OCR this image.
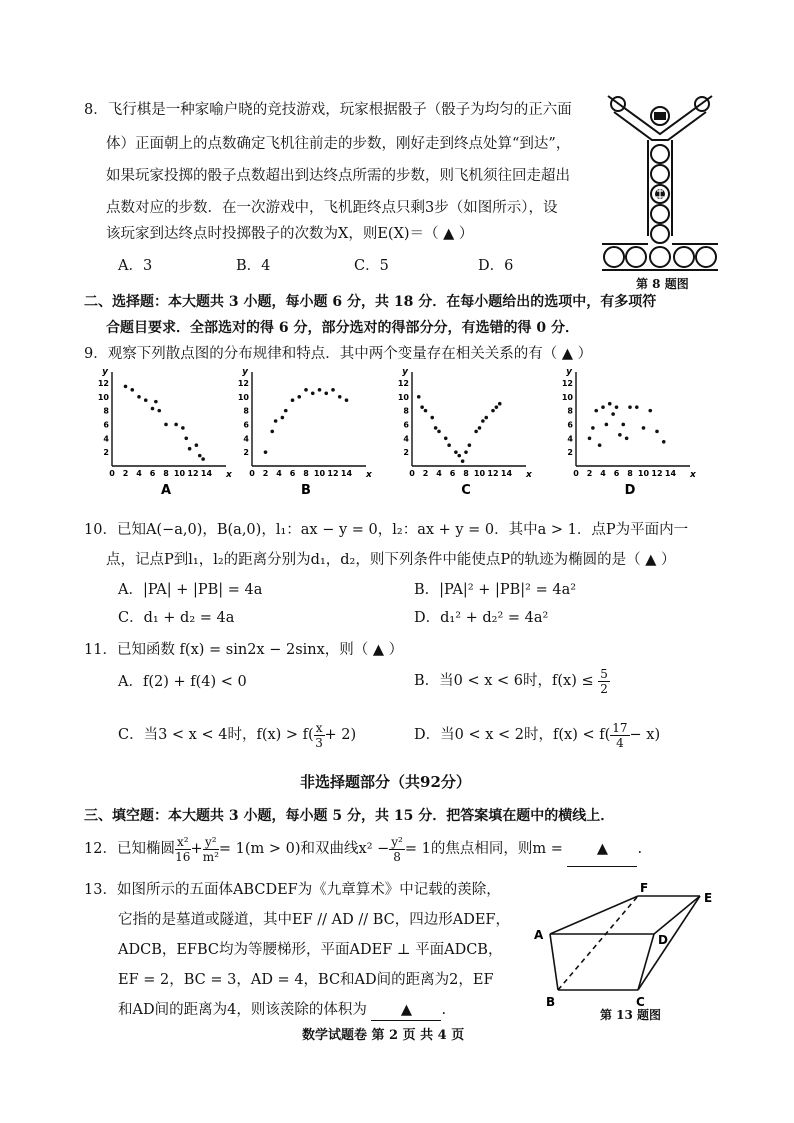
8．飞行棋是一种家喻户晓的竞技游戏，玩家根据骰子（骰子为均匀的正六面
体）正面朝上的点数确定飞机往前走的步数，刚好走到终点处算“到达”，
如果玩家投掷的骰子点数超出到达终点所需的步数，则飞机须往回走超出
点数对应的步数．在一次游戏中，飞机距终点只剩3步（如图所示），设
该玩家到达终点时投掷骰子的次数为X，则E(X)＝（ ▲ ）
A．3	B．4	C．5	D．6
第 8 题图
二、选择题：本大题共 3 小题，每小题 6 分，共 18 分．在每小题给出的选项中，有多项符
合题目要求．全部选对的得 6 分，部分选对的得部分分，有选错的得 0 分．
9．观察下列散点图的分布规律和特点．其中两个变量存在相关关系的有（ ▲ ）
x
y
0 2 4 6 8 10 12 14
2
4
6
8
10
12
A
x
y
0 2 4 6 8 10 12 14
2
4
6
8
10
12
B
x
y
0 2 4 6 8 10 12 14
2
4
6
8
10
12
C
x
y
0 2 4 6 8 10 12 14
2
4
6
8
10
12
D
10．已知A(−a,0)，B(a,0)，l₁：ax − y = 0，l₂：ax + y = 0．其中a > 1．点P为平面内一
点，记点P到l₁，l₂的距离分别为d₁，d₂，则下列条件中能使点P的轨迹为椭圆的是（ ▲ ）
A．|PA| + |PB| = 4a	B．|PA|² + |PB|² = 4a²
C．d₁ + d₂ = 4a	D．d₁² + d₂² = 4a²
11．已知函数 f(x) = sin2x − 2sinx，则（ ▲ ）
A．f(2) + f(4) < 0	B．当0 < x < 6时，$f(x) \le \frac{5}{2}$
C．当3 < x < 4时，$f(x) > f( \frac{x}{3} + 2)$	D．当0 < x < 2时，$f(x) < f( \frac{17}{4} - x)$
非选择题部分（共92分）
三、填空题：本大题共 3 小题，每小题 5 分，共 15 分．把答案填在题中的横线上．
12．已知椭圆 $\frac{\text{x²}}{16} + \frac{\text{y²}}{\text{m²}} = 1(m > 0)$和双曲线$x^2 - \frac{\text{y²}}{8} = 1$的焦点相同，则m = ▲ .
13．如图所示的五面体ABCDEF为《九章算术》中记载的羡除，
它指的是墓道或隧道，其中EF // AD // BC，四边形ADEF，
ADCB，EFBC均为等腰梯形，平面ADEF ⊥ 平面ADCB，
EF = 2，BC = 3，AD = 4，BC和AD间的距离为2，EF
和AD间的距离为4，则该羡除的体积为 ▲ .
A
B	C
D
E
F
第 13 题图
数学试题卷 第 2 页 共 4 页
